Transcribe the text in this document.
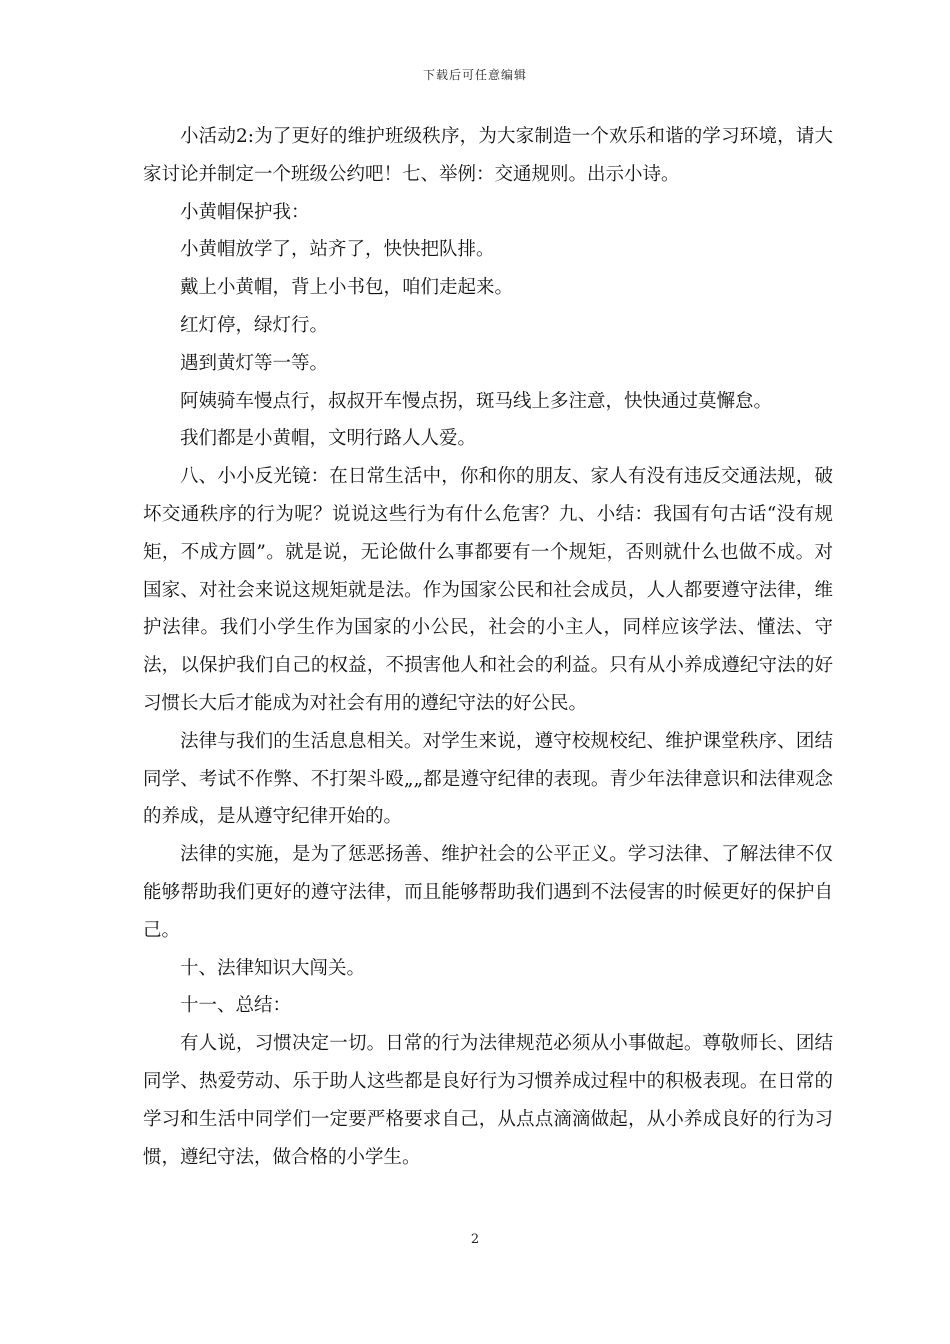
下载后可任意编辑

小活动2:为了更好的维护班级秩序，为大家制造一个欢乐和谐的学习环境，请大家讨论并制定一个班级公约吧！七、举例：交通规则。出示小诗。

小黄帽保护我：

小黄帽放学了，站齐了，快快把队排。

戴上小黄帽，背上小书包，咱们走起来。

红灯停，绿灯行。

遇到黄灯等一等。

阿姨骑车慢点行，叔叔开车慢点拐，斑马线上多注意，快快通过莫懈怠。

我们都是小黄帽，文明行路人人爱。

八、小小反光镜：在日常生活中，你和你的朋友、家人有没有违反交通法规，破坏交通秩序的行为呢？说说这些行为有什么危害？九、小结：我国有句古话“没有规矩，不成方圆”。就是说，无论做什么事都要有一个规矩，否则就什么也做不成。对国家、对社会来说这规矩就是法。作为国家公民和社会成员，人人都要遵守法律，维护法律。我们小学生作为国家的小公民，社会的小主人，同样应该学法、懂法、守法，以保护我们自己的权益，不损害他人和社会的利益。只有从小养成遵纪守法的好习惯长大后才能成为对社会有用的遵纪守法的好公民。

法律与我们的生活息息相关。对学生来说，遵守校规校纪、维护课堂秩序、团结同学、考试不作弊、不打架斗殴„„都是遵守纪律的表现。青少年法律意识和法律观念的养成，是从遵守纪律开始的。

法律的实施，是为了惩恶扬善、维护社会的公平正义。学习法律、了解法律不仅能够帮助我们更好的遵守法律，而且能够帮助我们遇到不法侵害的时候更好的保护自己。

十、法律知识大闯关。

十一、总结：

有人说，习惯决定一切。日常的行为法律规范必须从小事做起。尊敬师长、团结同学、热爱劳动、乐于助人这些都是良好行为习惯养成过程中的积极表现。在日常的学习和生活中同学们一定要严格要求自己，从点点滴滴做起，从小养成良好的行为习惯，遵纪守法，做合格的小学生。

2
